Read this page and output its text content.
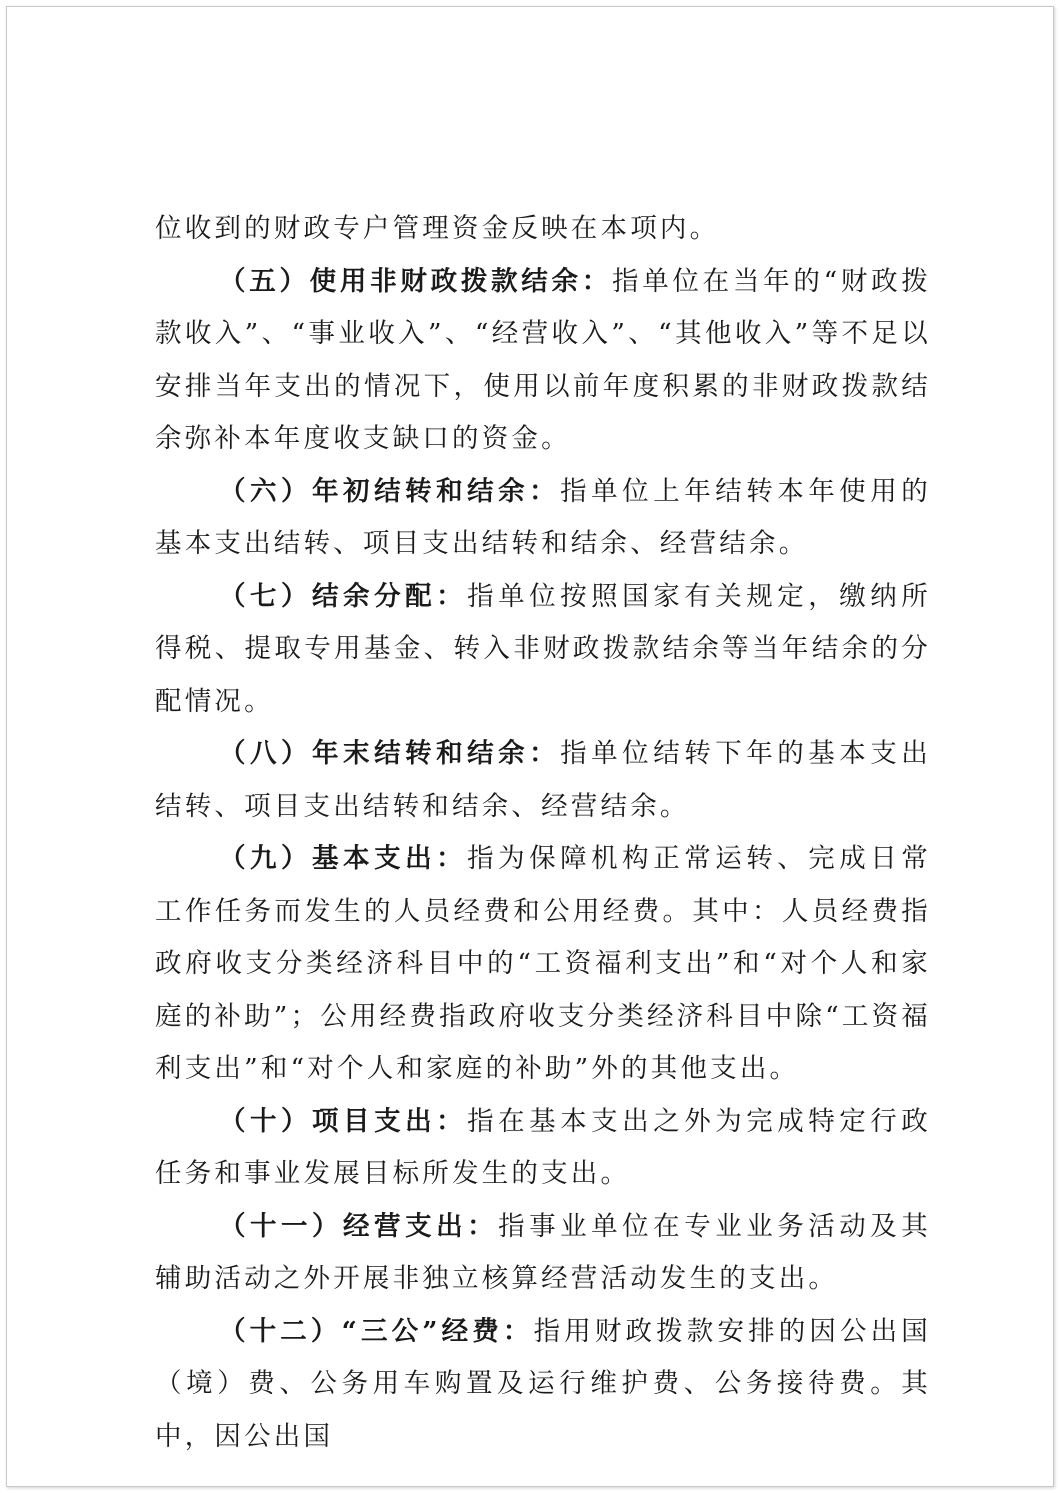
位收到的财政专户管理资金反映在本项内。

（五）使用非财政拨款结余：指单位在当年的“财政拨款收入”、“事业收入”、“经营收入”、“其他收入”等不足以安排当年支出的情况下，使用以前年度积累的非财政拨款结余弥补本年度收支缺口的资金。

（六）年初结转和结余：指单位上年结转本年使用的基本支出结转、项目支出结转和结余、经营结余。

（七）结余分配：指单位按照国家有关规定，缴纳所得税、提取专用基金、转入非财政拨款结余等当年结余的分配情况。

（八）年末结转和结余：指单位结转下年的基本支出结转、项目支出结转和结余、经营结余。

（九）基本支出：指为保障机构正常运转、完成日常工作任务而发生的人员经费和公用经费。其中：人员经费指政府收支分类经济科目中的“工资福利支出”和“对个人和家庭的补助”；公用经费指政府收支分类经济科目中除“工资福利支出”和“对个人和家庭的补助”外的其他支出。

（十）项目支出：指在基本支出之外为完成特定行政任务和事业发展目标所发生的支出。

（十一）经营支出：指事业单位在专业业务活动及其辅助活动之外开展非独立核算经营活动发生的支出。

（十二）“三公”经费：指用财政拨款安排的因公出国（境）费、公务用车购置及运行维护费、公务接待费。其中，因公出国
